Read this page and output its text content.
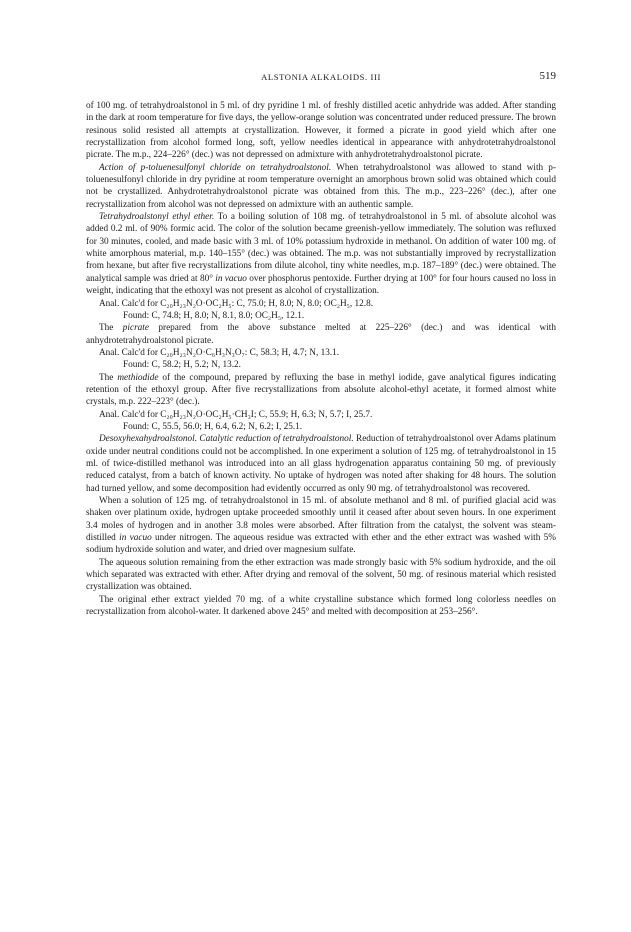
ALSTONIA ALKALOIDS. III	519

of 100 mg. of tetrahydroalstonol in 5 ml. of dry pyridine 1 ml. of freshly distilled acetic anhydride was added. After standing in the dark at room temperature for five days, the yellow-orange solution was concentrated under reduced pressure. The brown resinous solid resisted all attempts at crystallization. However, it formed a picrate in good yield which after one recrystallization from alcohol formed long, soft, yellow needles identical in appearance with anhydrotetrahydroalstonol picrate. The m.p., 224–226° (dec.) was not depressed on admixture with anhydrotetrahydroalstonol picrate.

Action of p-toluenesulfonyl chloride on tetrahydroalstonol. When tetrahydroalstonol was allowed to stand with p-toluenesulfonyl chloride in dry pyridine at room temperature overnight an amorphous brown solid was obtained which could not be crystallized. Anhydrotetrahydroalstonol picrate was obtained from this. The m.p., 223–226° (dec.), after one recrystallization from alcohol was not depressed on admixture with an authentic sample.

Tetrahydroalstonyl ethyl ether. To a boiling solution of 108 mg. of tetrahydroalstonol in 5 ml. of absolute alcohol was added 0.2 ml. of 90% formic acid. The color of the solution became greenish-yellow immediately. The solution was refluxed for 30 minutes, cooled, and made basic with 3 ml. of 10% potassium hydroxide in methanol. On addition of water 100 mg. of white amorphous material, m.p. 140–155° (dec.) was obtained. The m.p. was not substantially improved by recrystallization from hexane, but after five recrystallizations from dilute alcohol, tiny white needles, m.p. 187–189° (dec.) were obtained. The analytical sample was dried at 80° in vacuo over phosphorus pentoxide. Further drying at 100° for four hours caused no loss in weight, indicating that the ethoxyl was not present as alcohol of crystallization.

Anal. Calc'd for C₂₀H₂₃N₂O·OC₂H₅: C, 75.0; H, 8.0; N, 8.0; OC₂H₅, 12.8.

Found: C, 74.8; H, 8.0; N, 8.1, 8.0; OC₂H₅, 12.1.

The picrate prepared from the above substance melted at 225–226° (dec.) and was identical with anhydrotetrahydroalstonol picrate.

Anal. Calc'd for C₂₀H₂₃N₂O·C₆H₃N₃O₇: C, 58.3; H, 4.7; N, 13.1.

Found: C, 58.2; H, 5.2; N, 13.2.

The methiodide of the compound, prepared by refluxing the base in methyl iodide, gave analytical figures indicating retention of the ethoxyl group. After five recrystallizations from absolute alcohol-ethyl acetate, it formed almost white crystals, m.p. 222–223° (dec.).

Anal. Calc'd for C₂₀H₂₃N₂O·OC₂H₅·CH₃I; C, 55.9; H, 6.3; N, 5.7; I, 25.7.

Found: C, 55.5, 56.0; H, 6.4, 6.2; N, 6.2; I, 25.1.

Desoxyhexahydroalstonol. Catalytic reduction of tetrahydroalstonol. Reduction of tetrahydroalstonol over Adams platinum oxide under neutral conditions could not be accomplished. In one experiment a solution of 125 mg. of tetrahydroalstonol in 15 ml. of twice-distilled methanol was introduced into an all glass hydrogenation apparatus containing 50 mg. of previously reduced catalyst, from a batch of known activity. No uptake of hydrogen was noted after shaking for 48 hours. The solution had turned yellow, and some decomposition had evidently occurred as only 90 mg. of tetrahydroalstonol was recovered.

When a solution of 125 mg. of tetrahydroalstonol in 15 ml. of absolute methanol and 8 ml. of purified glacial acid was shaken over platinum oxide, hydrogen uptake proceeded smoothly until it ceased after about seven hours. In one experiment 3.4 moles of hydrogen and in another 3.8 moles were absorbed. After filtration from the catalyst, the solvent was steam-distilled in vacuo under nitrogen. The aqueous residue was extracted with ether and the ether extract was washed with 5% sodium hydroxide solution and water, and dried over magnesium sulfate.

The aqueous solution remaining from the ether extraction was made strongly basic with 5% sodium hydroxide, and the oil which separated was extracted with ether. After drying and removal of the solvent, 50 mg. of resinous material which resisted crystallization was obtained.

The original ether extract yielded 70 mg. of a white crystalline substance which formed long colorless needles on recrystallization from alcohol-water. It darkened above 245° and melted with decomposition at 253–256°.
